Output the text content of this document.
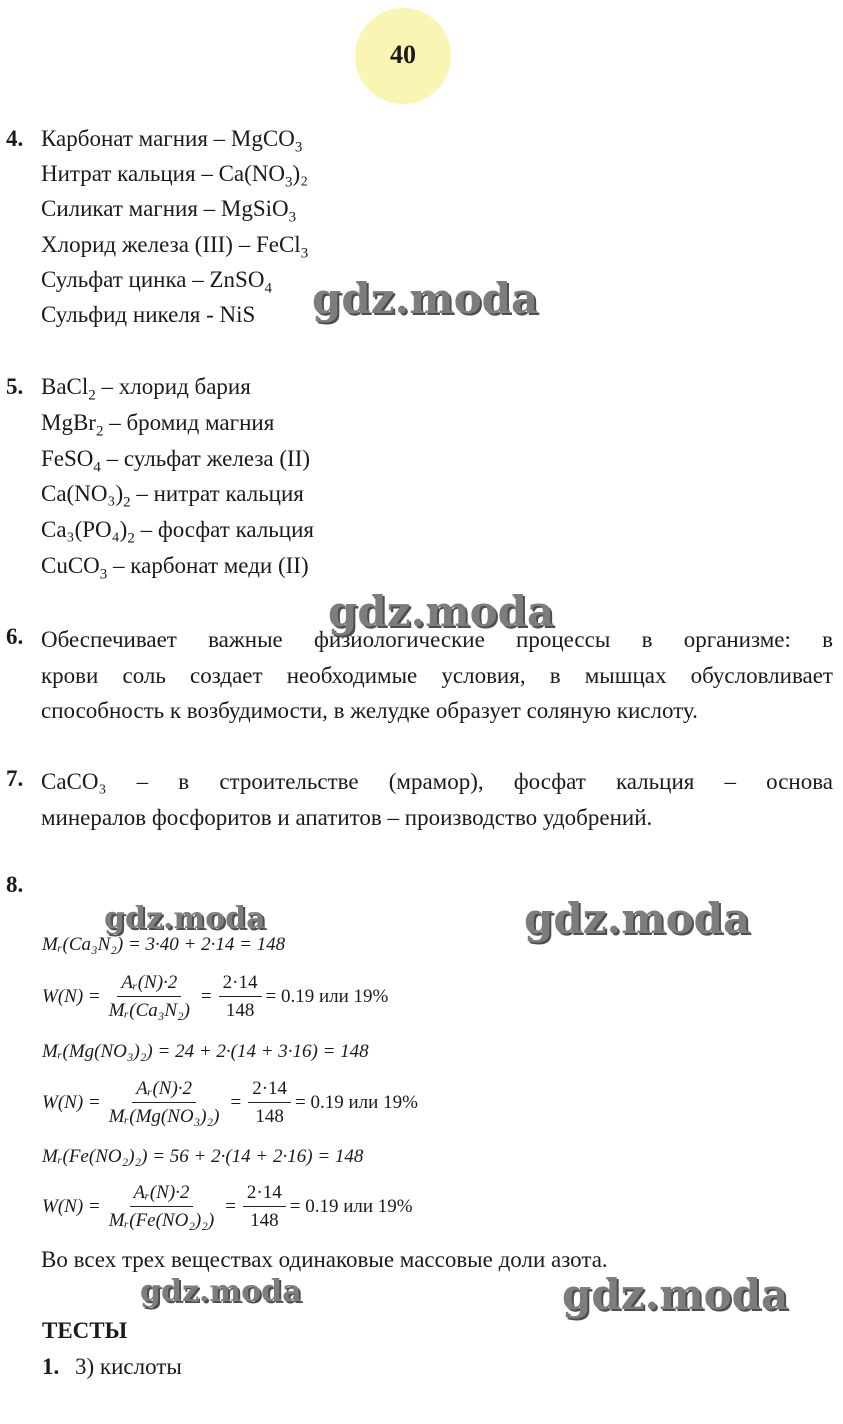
40
4. Карбонат магния – MgCO$_3$
Нитрат кальция – $Ca(NO_3)_2$
Силикат магния – MgSiO$_3$
Хлорид железа (III) – FeCl$_3$
Сульфат цинка – ZnSO$_4$
Сульфид никеля - NiS
5. BaCl$_2$ – хлорид бария
MgBr$_2$ – бромид магния
FeSO$_4$ – сульфат железа (II)
$Ca(NO_3)_2$ – нитрат кальция
$Ca_3(PO_4)_2$ – фосфат кальция
CuCO$_3$ – карбонат меди (II)
6. Обеспечивает важные физиологические процессы в организме: в
крови соль создает необходимые условия, в мышцах обусловливает
способность к возбудимости, в желудке образует соляную кислоту.
7. CaCO₃ – в строительстве (мрамор), фосфат кальция – основа
минералов фосфоритов и апатитов – производство удобрений.
8.
Mᵣ(Ca₃N₂) = 3·40 + 2·14 = 148
$W(N) = \frac{\text{Aᵣ(N)·2}}{\text{Mᵣ(Ca₃N₂)}} = \frac{2\cdot 14}{148} = 0.19$ или 19%
Mᵣ(Mg(NO₃)₂) = 24 + 2·(14 + 3·16) = 148
$W(N) = \frac{\text{Aᵣ(N)·2}}{\text{Mᵣ(Mg(NO₃)₂)}} = \frac{2\cdot 14}{148} = 0.19$ или 19%
Mᵣ(Fe(NO₂)₂) = 56 + 2·(14 + 2·16) = 148
$W(N) = \frac{\text{Aᵣ(N)·2}}{\text{Mᵣ(Fe(NO₂)₂)}} = \frac{2\cdot 14}{148} = 0.19$ или 19%
Во всех трех веществах одинаковые массовые доли азота.
ТЕСТЫ
1. 3) кислоты
gdz.moda
gdz.moda
gdz.moda	gdz.moda
gdz.moda	gdz.moda
